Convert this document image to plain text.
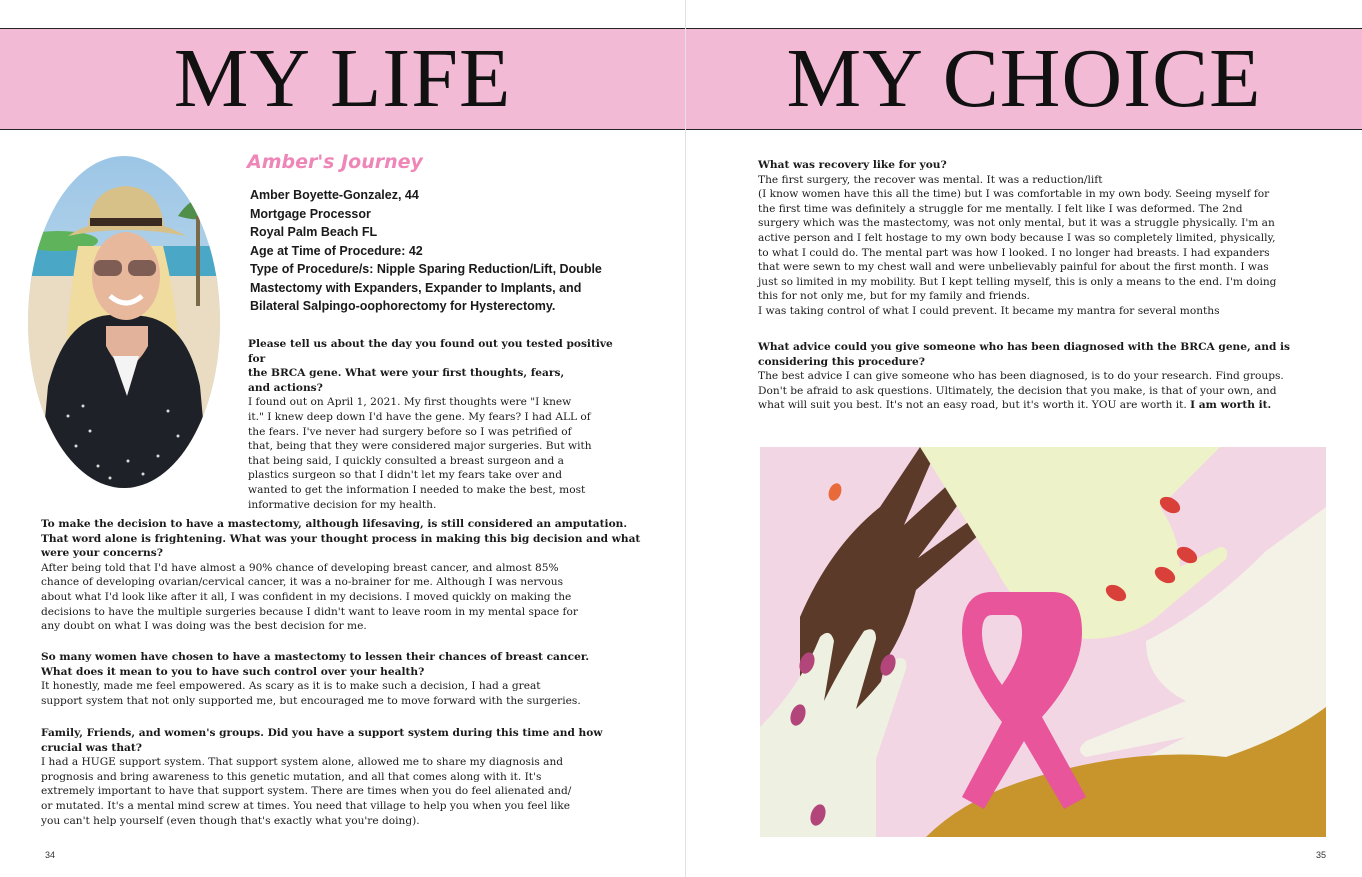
MY LIFE
Amber's Journey
Amber Boyette-Gonzalez, 44
Mortgage Processor
Royal Palm Beach FL
Age at Time of Procedure: 42
Type of Procedure/s: Nipple Sparing Reduction/Lift, Double
Mastectomy with Expanders, Expander to Implants, and
Bilateral Salpingo-oophorectomy for Hysterectomy.

Please tell us about the day you found out you tested positive for
the BRCA gene. What were your first thoughts, fears,
and actions?

I found out on April 1, 2021. My first thoughts were "I knew
it." I knew deep down I'd have the gene. My fears? I had ALL of
the fears. I've never had surgery before so I was petrified of
that, being that they were considered major surgeries. But with
that being said, I quickly consulted a breast surgeon and a
plastics surgeon so that I didn't let my fears take over and
wanted to get the information I needed to make the best, most
informative decision for my health.

To make the decision to have a mastectomy, although lifesaving, is still considered an amputation.
That word alone is frightening. What was your thought process in making this big decision and what
were your concerns?

After being told that I'd have almost a 90% chance of developing breast cancer, and almost 85%
chance of developing ovarian/cervical cancer, it was a no-brainer for me. Although I was nervous
about what I'd look like after it all, I was confident in my decisions. I moved quickly on making the
decisions to have the multiple surgeries because I didn't want to leave room in my mental space for
any doubt on what I was doing was the best decision for me.

So many women have chosen to have a mastectomy to lessen their chances of breast cancer.
What does it mean to you to have such control over your health?

It honestly, made me feel empowered. As scary as it is to make such a decision, I had a great
support system that not only supported me, but encouraged me to move forward with the surgeries.

Family, Friends, and women's groups. Did you have a support system during this time and how
crucial was that?

I had a HUGE support system. That support system alone, allowed me to share my diagnosis and
prognosis and bring awareness to this genetic mutation, and all that comes along with it. It's
extremely important to have that support system. There are times when you do feel alienated and/
or mutated. It's a mental mind screw at times. You need that village to help you when you feel like
you can't help yourself (even though that's exactly what you're doing).

34
MY CHOICE

What was recovery like for you?

The first surgery, the recover was mental. It was a reduction/lift
(I know women have this all the time) but I was comfortable in my own body. Seeing myself for
the first time was definitely a struggle for me mentally. I felt like I was deformed. The 2nd
surgery which was the mastectomy, was not only mental, but it was a struggle physically. I'm an
active person and I felt hostage to my own body because I was so completely limited, physically,
to what I could do. The mental part was how I looked. I no longer had breasts. I had expanders
that were sewn to my chest wall and were unbelievably painful for about the first month. I was
just so limited in my mobility. But I kept telling myself, this is only a means to the end. I'm doing
this for not only me, but for my family and friends.
I was taking control of what I could prevent. It became my mantra for several months

What advice could you give someone who has been diagnosed with the BRCA gene, and is
considering this procedure?

The best advice I can give someone who has been diagnosed, is to do your research. Find groups.
Don't be afraid to ask questions. Ultimately, the decision that you make, is that of your own, and
what will suit you best. It's not an easy road, but it's worth it. YOU are worth it. I am worth it.

35
